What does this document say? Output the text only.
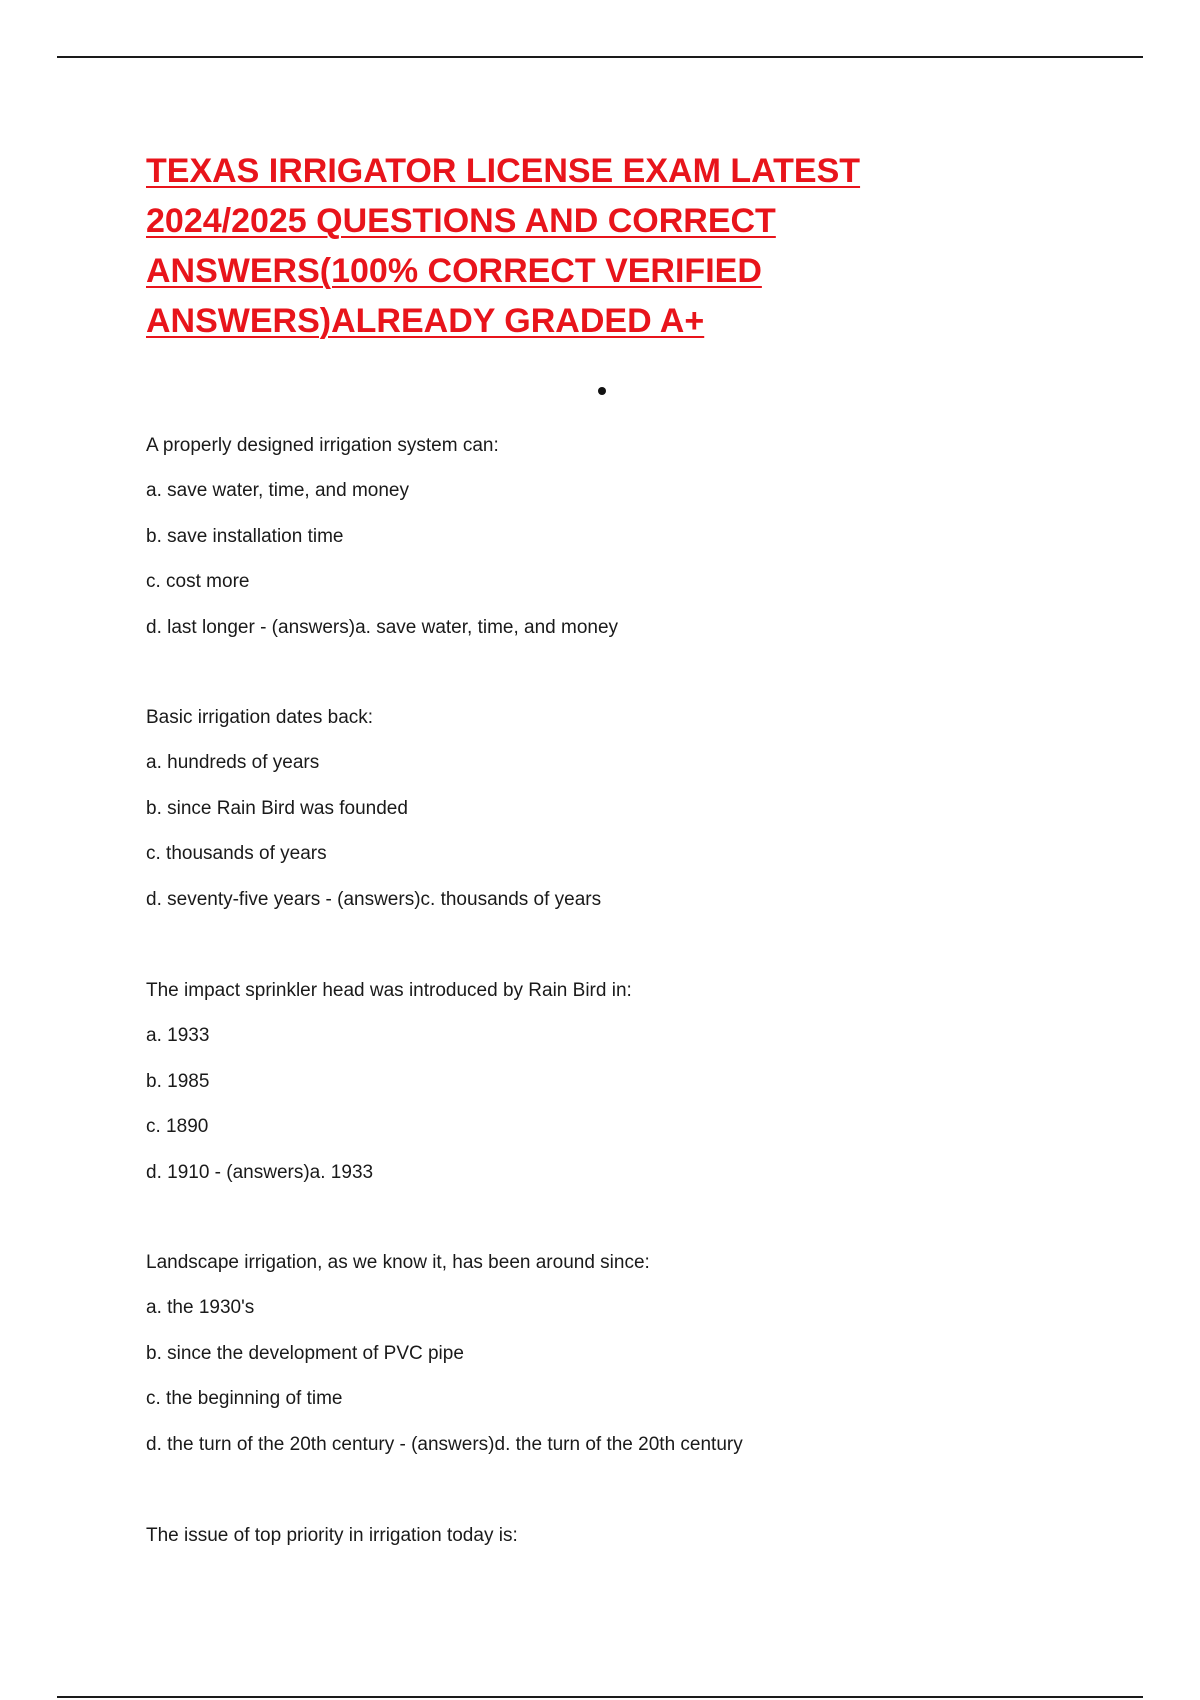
TEXAS IRRIGATOR LICENSE EXAM LATEST
2024/2025 QUESTIONS AND CORRECT
ANSWERS(100% CORRECT VERIFIED
ANSWERS)ALREADY GRADED A+
A properly designed irrigation system can:
a. save water, time, and money
b. save installation time
c. cost more
d. last longer - (answers)a. save water, time, and money
Basic irrigation dates back:
a. hundreds of years
b. since Rain Bird was founded
c. thousands of years
d. seventy-five years - (answers)c. thousands of years
The impact sprinkler head was introduced by Rain Bird in:
a. 1933
b. 1985
c. 1890
d. 1910 - (answers)a. 1933
Landscape irrigation, as we know it, has been around since:
a. the 1930's
b. since the development of PVC pipe
c. the beginning of time
d. the turn of the 20th century - (answers)d. the turn of the 20th century
The issue of top priority in irrigation today is:
